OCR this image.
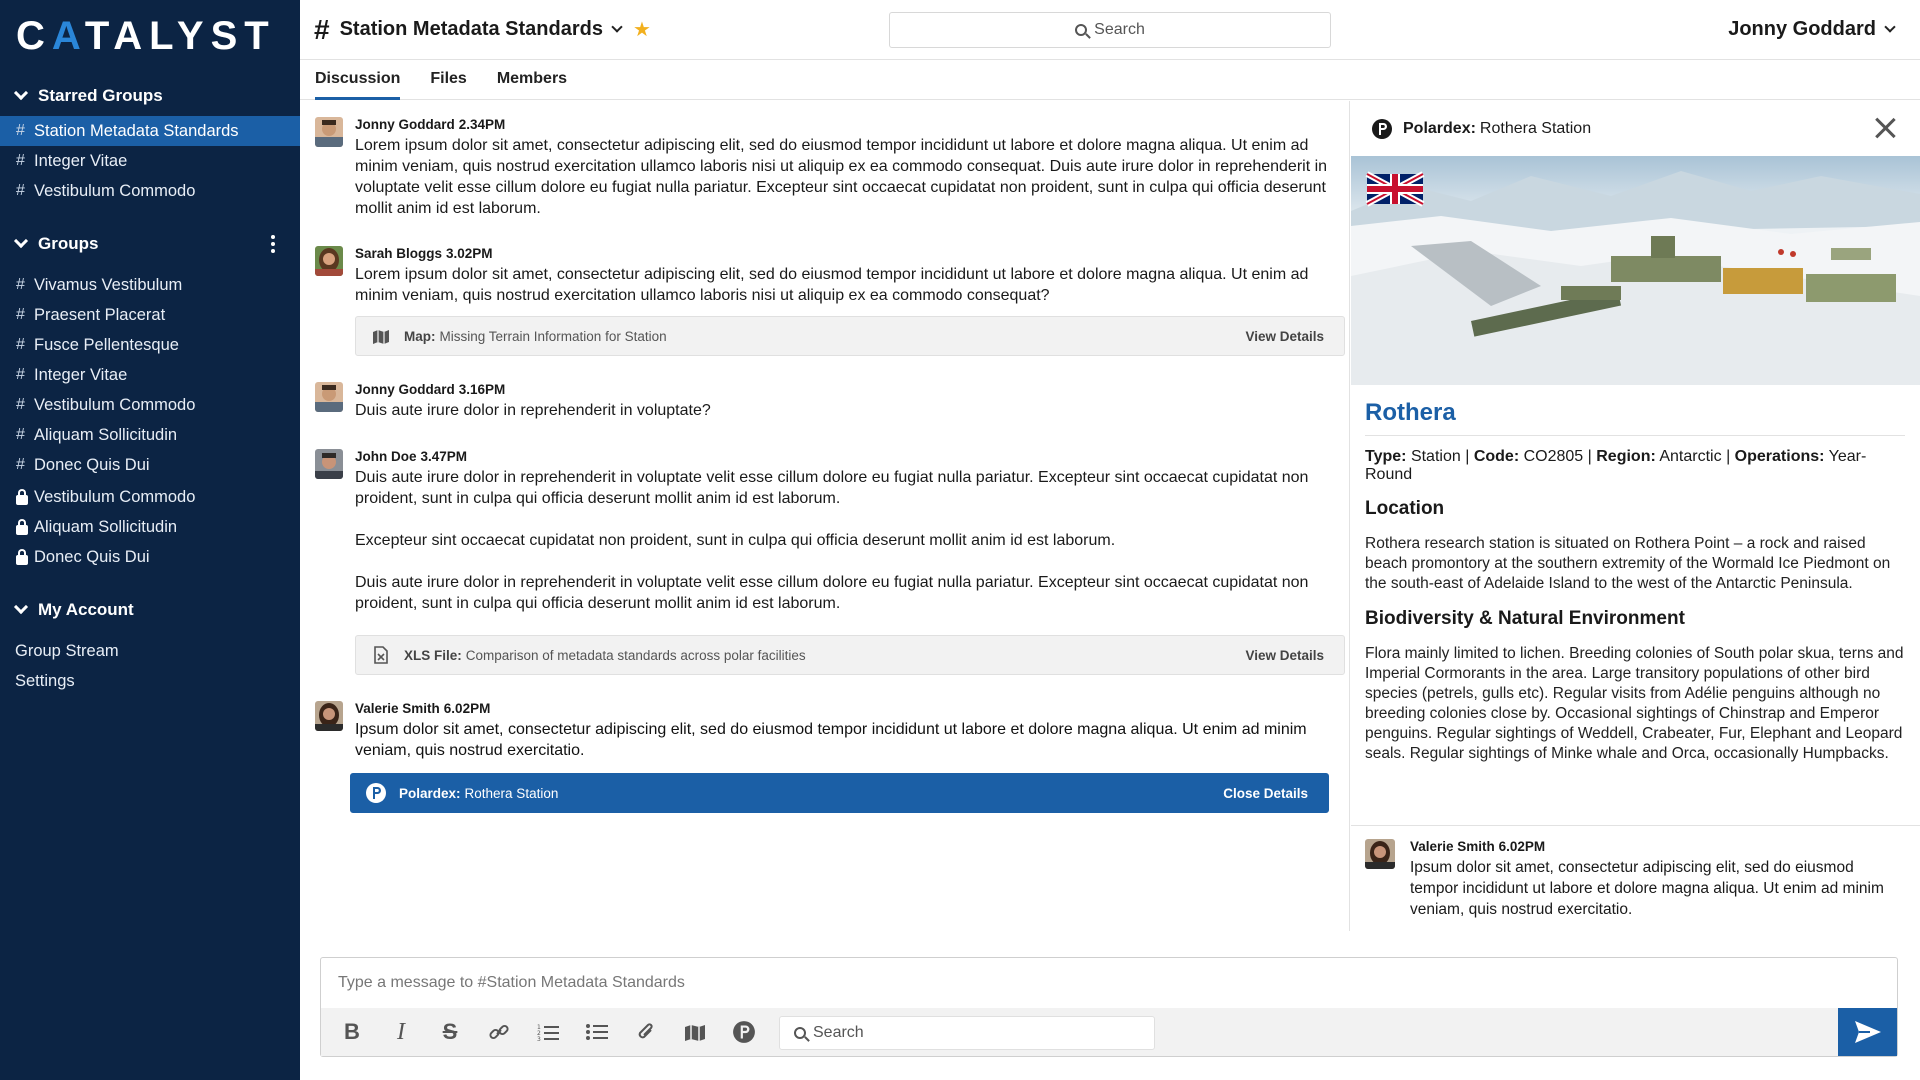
CATALYST
Starred Groups
# Station Metadata Standards
# Integer Vitae
# Vestibulum Commodo
Groups
# Vivamus Vestibulum
# Praesent Placerat
# Fusce Pellentesque
# Integer Vitae
# Vestibulum Commodo
# Aliquam Sollicitudin
# Donec Quis Dui
Vestibulum Commodo
Aliquam Sollicitudin
Donec Quis Dui
My Account
Group Stream
Settings
# Station Metadata Standards ★	Search	Jonny Goddard
Discussion Files Members
Jonny Goddard 2.34PM

Lorem ipsum dolor sit amet, consectetur adipiscing elit, sed do eiusmod tempor incididunt ut labore et dolore magna aliqua. Ut enim ad minim veniam, quis nostrud exercitation ullamco laboris nisi ut aliquip ex ea commodo consequat. Duis aute irure dolor in reprehenderit in voluptate velit esse cillum dolore eu fugiat nulla pariatur. Excepteur sint occaecat cupidatat non proident, sunt in culpa qui officia deserunt mollit anim id est laborum.

Sarah Bloggs 3.02PM

Lorem ipsum dolor sit amet, consectetur adipiscing elit, sed do eiusmod tempor incididunt ut labore et dolore magna aliqua. Ut enim ad minim veniam, quis nostrud exercitation ullamco laboris nisi ut aliquip ex ea commodo consequat?

Map: Missing Terrain Information for Station	View Details
Jonny Goddard 3.16PM

Duis aute irure dolor in reprehenderit in voluptate?

John Doe 3.47PM

Duis aute irure dolor in reprehenderit in voluptate velit esse cillum dolore eu fugiat nulla pariatur. Excepteur sint occaecat cupidatat non proident, sunt in culpa qui officia deserunt mollit anim id est laborum.

Excepteur sint occaecat cupidatat non proident, sunt in culpa qui officia deserunt mollit anim id est laborum.

Duis aute irure dolor in reprehenderit in voluptate velit esse cillum dolore eu fugiat nulla pariatur. Excepteur sint occaecat cupidatat non proident, sunt in culpa qui officia deserunt mollit anim id est laborum.

XLS File: Comparison of metadata standards across polar facilities	View Details
Valerie Smith 6.02PM

Ipsum dolor sit amet, consectetur adipiscing elit, sed do eiusmod tempor incididunt ut labore et dolore magna aliqua. Ut enim ad minim veniam, quis nostrud exercitatio.

Polardex: Rothera Station	Close Details
Polardex: Rothera Station
Rothera
Type: Station | Code: CO2805 | Region: Antarctic | Operations: Year-Round
Location
Rothera research station is situated on Rothera Point – a rock and raised beach promontory at the southern extremity of the Wormald Ice Piedmont on the south-east of Adelaide Island to the west of the Antarctic Peninsula.
Biodiversity & Natural Environment
Flora mainly limited to lichen. Breeding colonies of South polar skua, terns and Imperial Cormorants in the area. Large transitory populations of other bird species (petrels, gulls etc). Regular visits from Adélie penguins although no breeding colonies close by. Occasional sightings of Chinstrap and Emperor penguins. Regular sightings of Weddell, Crabeater, Fur, Elephant and Leopard seals. Regular sightings of Minke whale and Orca, occasionally Humpbacks.
Valerie Smith 6.02PM
Ipsum dolor sit amet, consectetur adipiscing elit, sed do eiusmod tempor incididunt ut labore et dolore magna aliqua. Ut enim ad minim veniam, quis nostrud exercitatio.
Type a message to #Station Metadata Standards
B	I	S	1
2
3	Search
